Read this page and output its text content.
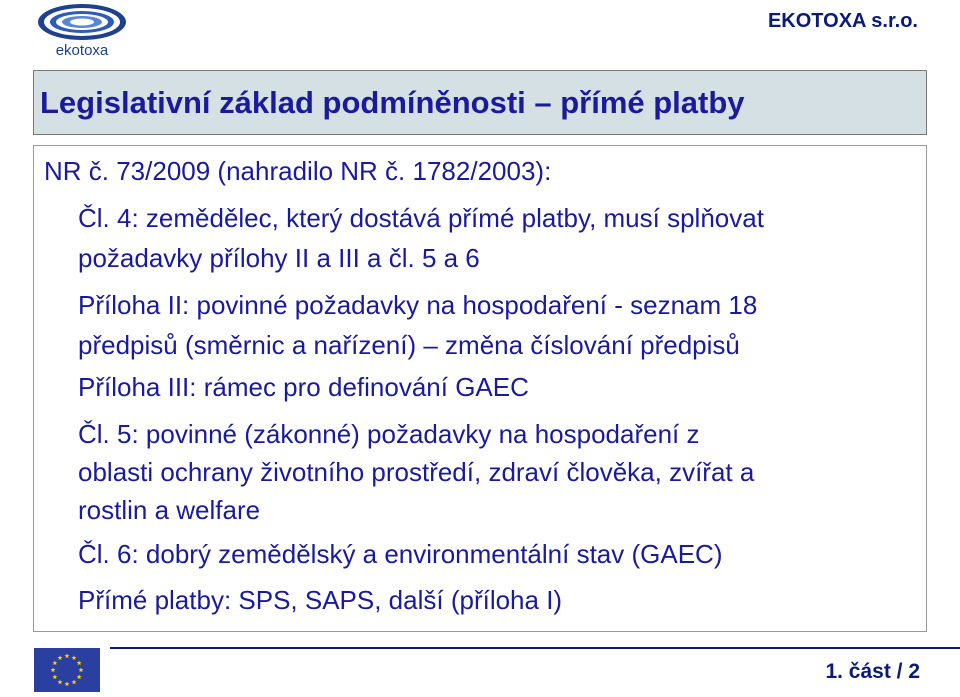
ekotoxa
EKOTOXA s.r.o.
Legislativní základ podmíněnosti – přímé platby
NR č. 73/2009 (nahradilo NR č. 1782/2003):
Čl. 4: zemědělec, který dostává přímé platby, musí splňovat
požadavky přílohy II a III a čl. 5 a 6
Příloha II: povinné požadavky na hospodaření - seznam 18
předpisů (směrnic a nařízení) – změna číslování předpisů
Příloha III: rámec pro definování GAEC
Čl. 5: povinné (zákonné) požadavky na hospodaření z
oblasti ochrany životního prostředí, zdraví člověka, zvířat a
rostlin a welfare
Čl. 6: dobrý zemědělský a environmentální stav (GAEC)
Přímé platby: SPS, SAPS, další (příloha I)
1. část / 2
